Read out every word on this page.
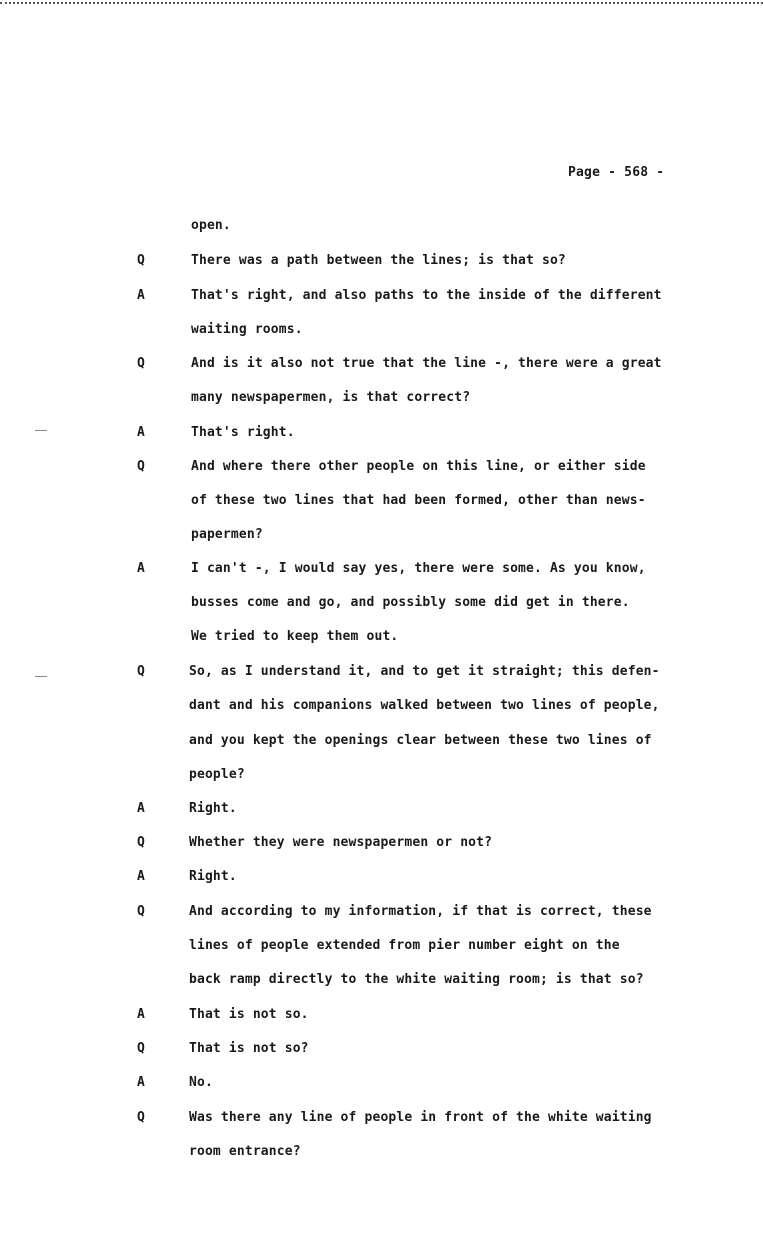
Page - 568 -
open.
Q	There was a path between the lines; is that so?
A	That's right, and also paths to the inside of the different
waiting rooms.
Q	And is it also not true that the line -, there were a great
many newspapermen, is that correct?
A	That's right.
Q	And where there other people on this line, or either side
of these two lines that had been formed, other than news-
papermen?
A	I can't -, I would say yes, there were some. As you know,
busses come and go, and possibly some did get in there.
We tried to keep them out.
Q	So, as I understand it, and to get it straight; this defen-
dant and his companions walked between two lines of people,
and you kept the openings clear between these two lines of
people?
A	Right.
Q	Whether they were newspapermen or not?
A	Right.
Q	And according to my information, if that is correct, these
lines of people extended from pier number eight on the
back ramp directly to the white waiting room; is that so?
A	That is not so.
Q	That is not so?
A	No.
Q	Was there any line of people in front of the white waiting
room entrance?
